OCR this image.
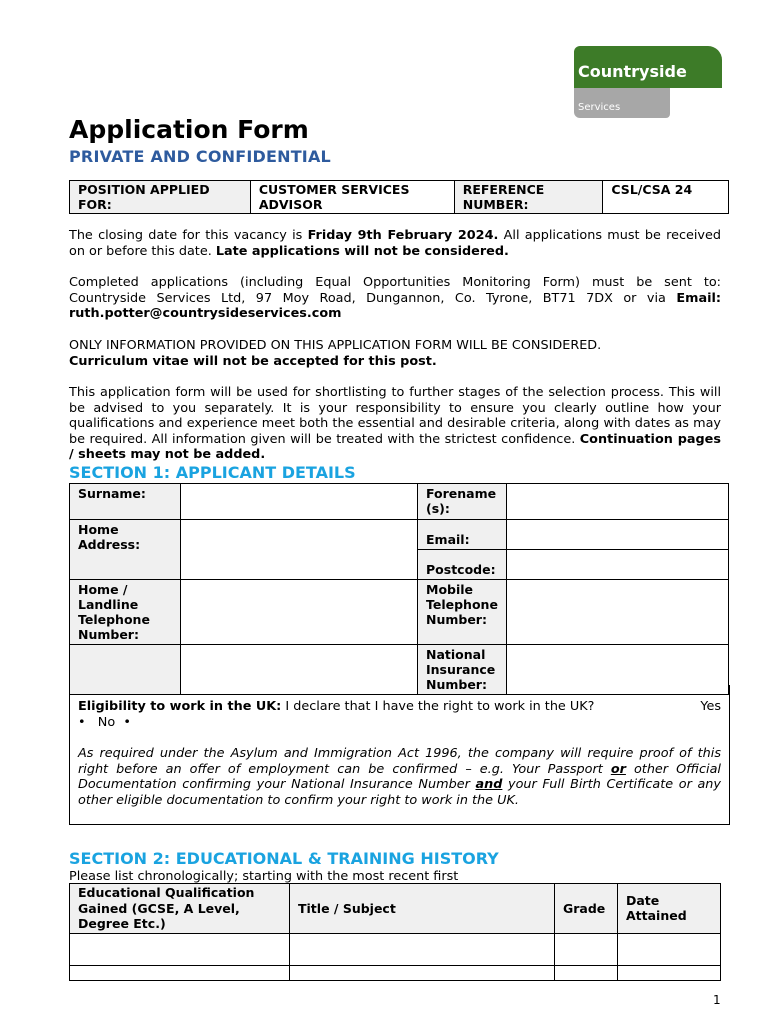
Countryside
Services
Application Form
PRIVATE AND CONFIDENTIAL
POSITION APPLIED FOR:	CUSTOMER SERVICES ADVISOR	REFERENCE NUMBER:	CSL/CSA 24
The closing date for this vacancy is Friday 9th February 2024. All applications must be received on or before this date. Late applications will not be considered.
Completed applications (including Equal Opportunities Monitoring Form) must be sent to: Countryside Services Ltd, 97 Moy Road, Dungannon, Co. Tyrone, BT71 7DX or via Email: ruth.potter@countrysideservices.com
ONLY INFORMATION PROVIDED ON THIS APPLICATION FORM WILL BE CONSIDERED.
Curriculum vitae will not be accepted for this post.
This application form will be used for shortlisting to further stages of the selection process. This will be advised to you separately. It is your responsibility to ensure you clearly outline how your qualifications and experience meet both the essential and desirable criteria, along with dates as may be required. All information given will be treated with the strictest confidence. Continuation pages / sheets may not be added.
SECTION 1: APPLICANT DETAILS
Surname:		Forename (s):	
Home Address:		Email:	
		Postcode:	
Home / Landline Telephone Number:		Mobile Telephone Number:	
		National Insurance Number:	
Eligibility to work in the UK: I declare that I have the right to work in the UK?	Yes
• No •
As required under the Asylum and Immigration Act 1996, the company will require proof of this right before an offer of employment can be confirmed – e.g. Your Passport or other Official Documentation confirming your National Insurance Number and your Full Birth Certificate or any other eligible documentation to confirm your right to work in the UK.
SECTION 2: EDUCATIONAL & TRAINING HISTORY
Please list chronologically; starting with the most recent first
Educational Qualification Gained (GCSE, A Level, Degree Etc.)	Title / Subject	Grade	Date Attained

1
